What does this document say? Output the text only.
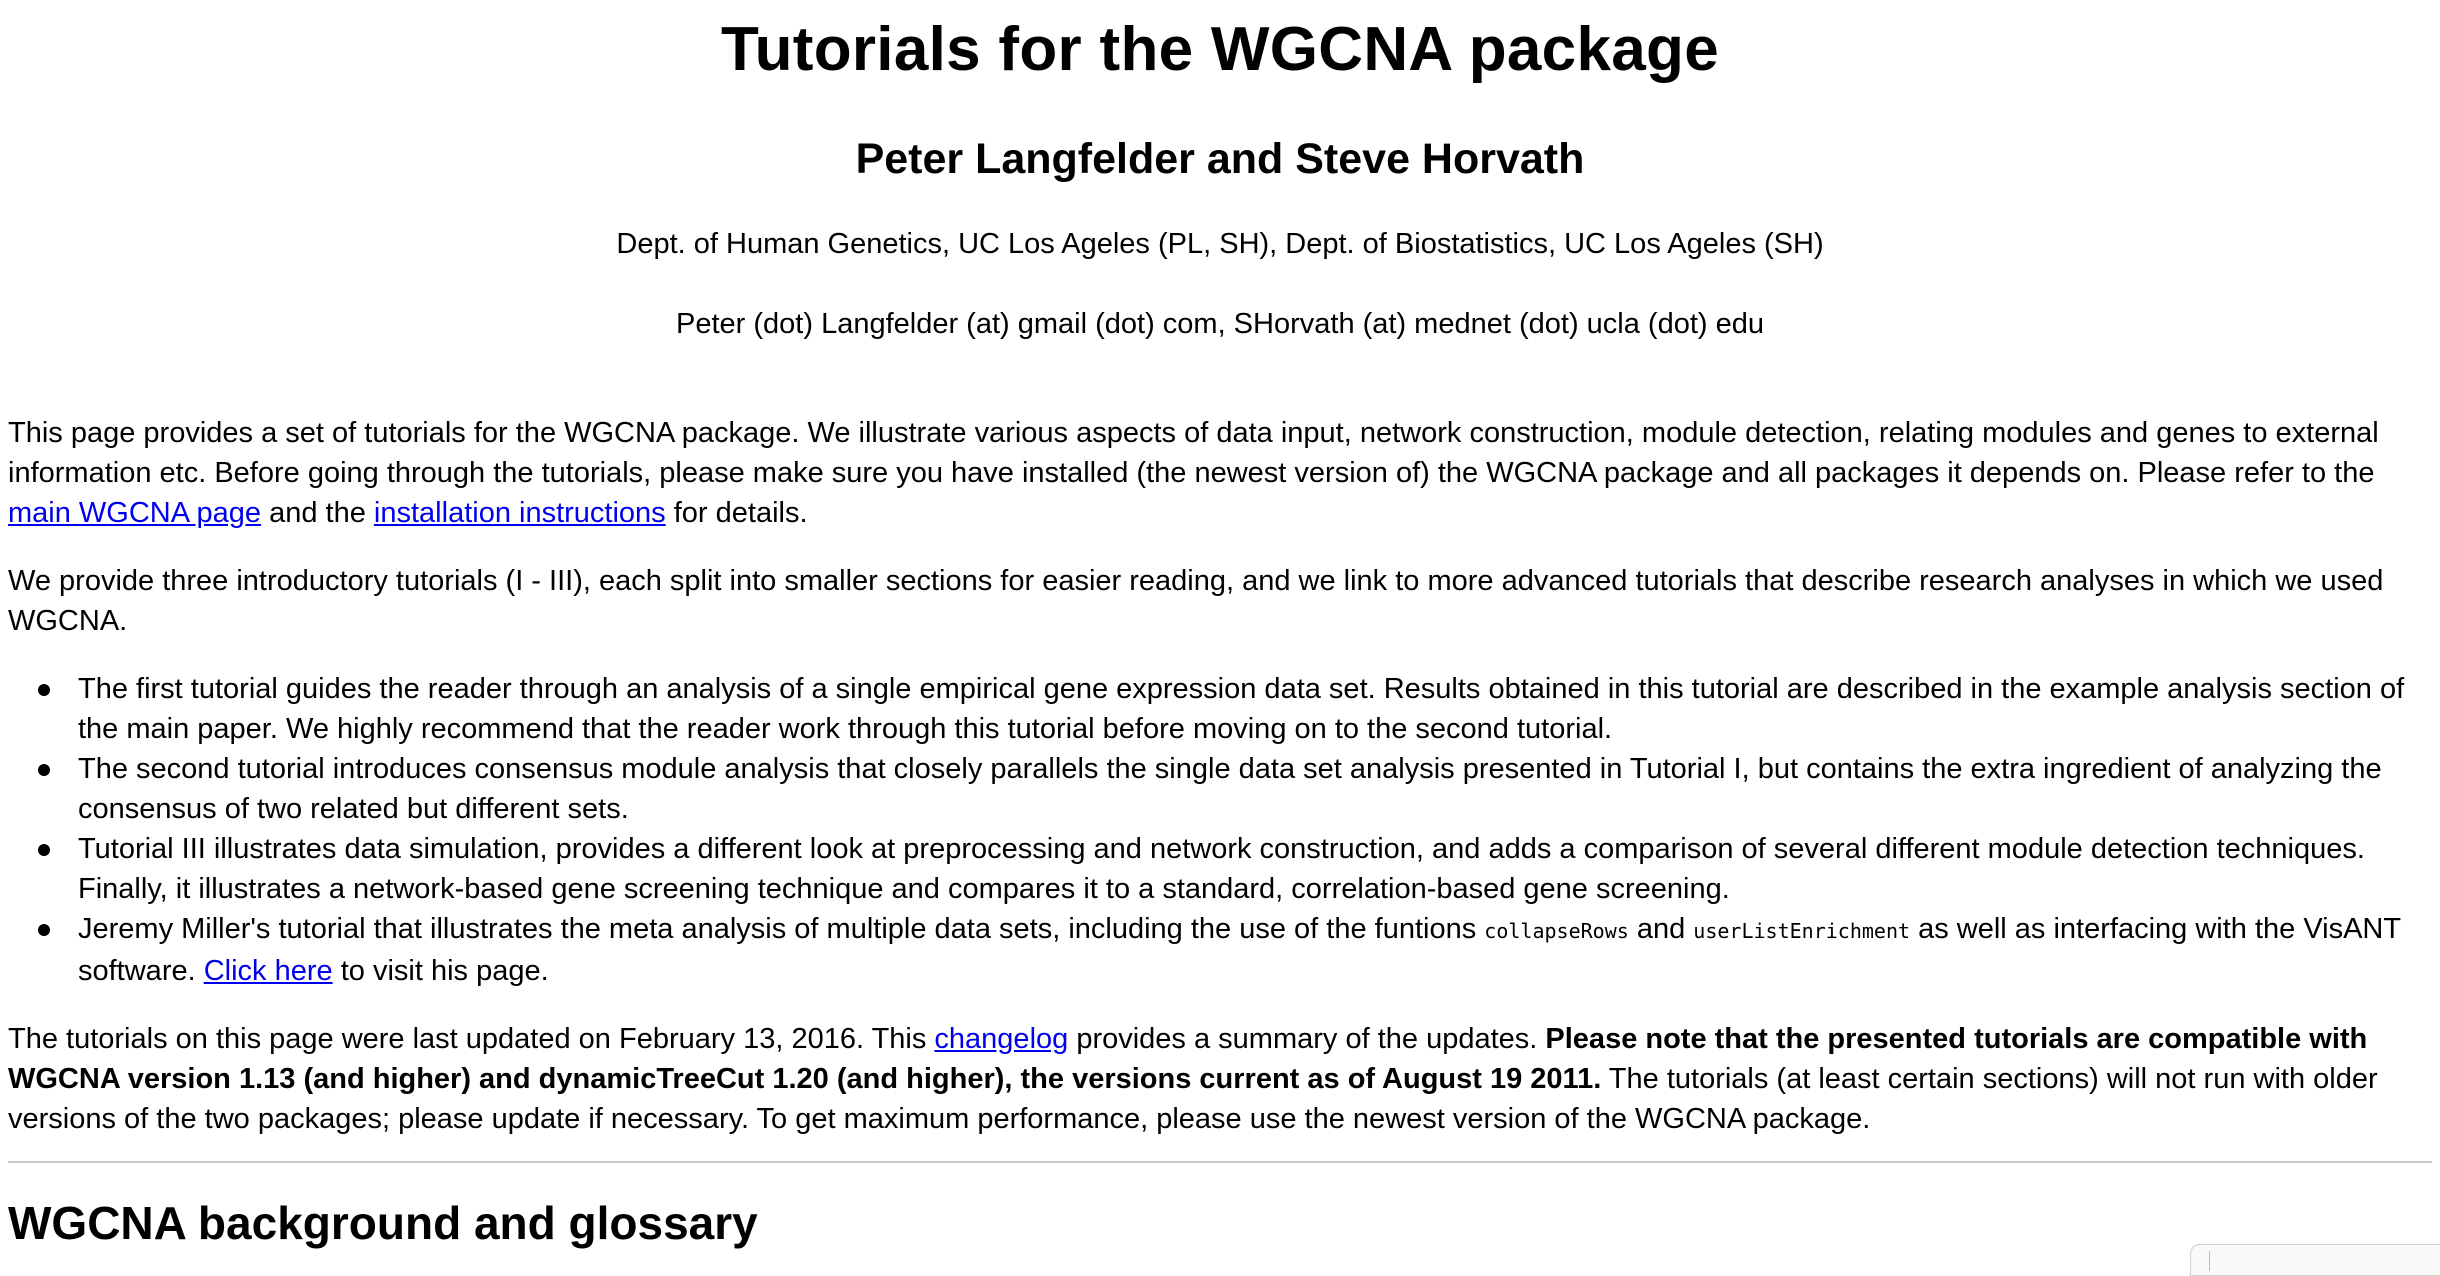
Tutorials for the WGCNA package
Peter Langfelder and Steve Horvath

Dept. of Human Genetics, UC Los Ageles (PL, SH), Dept. of Biostatistics, UC Los Ageles (SH)

Peter (dot) Langfelder (at) gmail (dot) com, SHorvath (at) mednet (dot) ucla (dot) edu

This page provides a set of tutorials for the WGCNA package. We illustrate various aspects of data input, network construction, module detection, relating modules and genes to external information etc. Before going through the tutorials, please make sure you have installed (the newest version of) the WGCNA package and all packages it depends on. Please refer to the main WGCNA page and the installation instructions for details.

We provide three introductory tutorials (I - III), each split into smaller sections for easier reading, and we link to more advanced tutorials that describe research analyses in which we used WGCNA.

The first tutorial guides the reader through an analysis of a single empirical gene expression data set. Results obtained in this tutorial are described in the example analysis section of the main paper. We highly recommend that the reader work through this tutorial before moving on to the second tutorial.
The second tutorial introduces consensus module analysis that closely parallels the single data set analysis presented in Tutorial I, but contains the extra ingredient of analyzing the consensus of two related but different sets.
Tutorial III illustrates data simulation, provides a different look at preprocessing and network construction, and adds a comparison of several different module detection techniques. Finally, it illustrates a network-based gene screening technique and compares it to a standard, correlation-based gene screening.
Jeremy Miller's tutorial that illustrates the meta analysis of multiple data sets, including the use of the funtions collapseRows and userListEnrichment as well as interfacing with the VisANT software. Click here to visit his page.

The tutorials on this page were last updated on February 13, 2016. This changelog provides a summary of the updates. Please note that the presented tutorials are compatible with WGCNA version 1.13 (and higher) and dynamicTreeCut 1.20 (and higher), the versions current as of August 19 2011. The tutorials (at least certain sections) will not run with older versions of the two packages; please update if necessary. To get maximum performance, please use the newest version of the WGCNA package.

WGCNA background and glossary
